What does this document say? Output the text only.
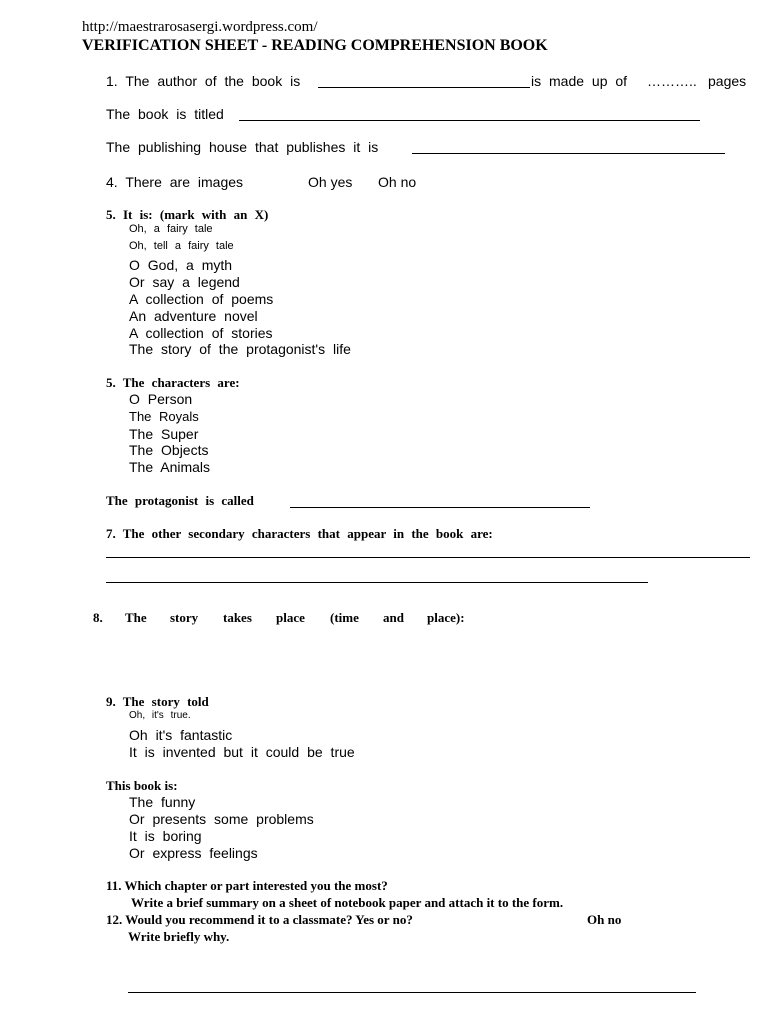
http://maestrarosasergi.wordpress.com/
VERIFICATION SHEET - READING COMPREHENSION BOOK
1. The author of the book is	is made up of ……….. pages
The book is titled
The publishing house that publishes it is
4. There are images	Oh yes Oh no
5. It is: (mark with an X)
Oh, a fairy tale
Oh, tell a fairy tale
O God, a myth
Or say a legend
A collection of poems
An adventure novel
A collection of stories
The story of the protagonist's life
5. The characters are:
O Person
The Royals
The Super
The Objects
The Animals
The protagonist is called
7. The other secondary characters that appear in the book are:
8. The story takes place (time and place):
9. The story told
Oh, it's true.
Oh it's fantastic
It is invented but it could be true
This book is:
The funny
Or presents some problems
It is boring
Or express feelings
11. Which chapter or part interested you the most?
Write a brief summary on a sheet of notebook paper and attach it to the form.
12. Would you recommend it to a classmate? Yes or no?	Oh no
Write briefly why.
